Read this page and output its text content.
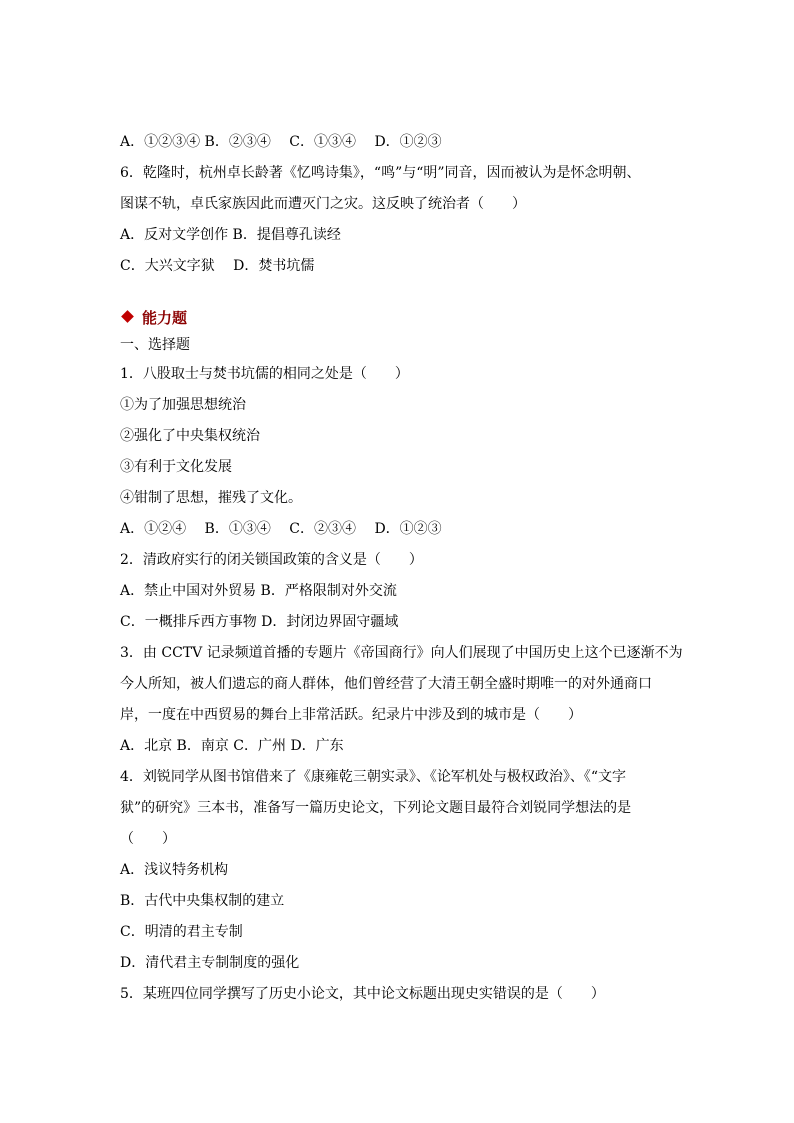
A．①②③④ B．②③④　 C．①③④　 D．①②③
6．乾隆时，杭州卓长龄著《忆鸣诗集》，“鸣”与“明”同音，因而被认为是怀念明朝、
图谋不轨，卓氏家族因此而遭灭门之灾。这反映了统治者（　　）
A．反对文学创作 B．提倡尊孔读经
C．大兴文字狱　 D．焚书坑儒
能力题
一、选择题
1．八股取士与焚书坑儒的相同之处是（　　）
①为了加强思想统治
②强化了中央集权统治
③有利于文化发展
④钳制了思想，摧残了文化。
A．①②④　 B．①③④　 C．②③④　 D．①②③
2．清政府实行的闭关锁国政策的含义是（　　）
A．禁止中国对外贸易 B．严格限制对外交流
C．一概排斥西方事物 D．封闭边界固守疆域
3．由 CCTV 记录频道首播的专题片《帝国商行》向人们展现了中国历史上这个已逐渐不为
今人所知，被人们遗忘的商人群体，他们曾经营了大清王朝全盛时期唯一的对外通商口
岸，一度在中西贸易的舞台上非常活跃。纪录片中涉及到的城市是（　　）
A．北京 B．南京 C．广州 D．广东
4．刘锐同学从图书馆借来了《康雍乾三朝实录》、《论军机处与极权政治》、《“文字
狱”的研究》三本书，准备写一篇历史论文，下列论文题目最符合刘锐同学想法的是
（　　）
A．浅议特务机构
B．古代中央集权制的建立
C．明清的君主专制
D．清代君主专制制度的强化
5．某班四位同学撰写了历史小论文，其中论文标题出现史实错误的是（　　）
